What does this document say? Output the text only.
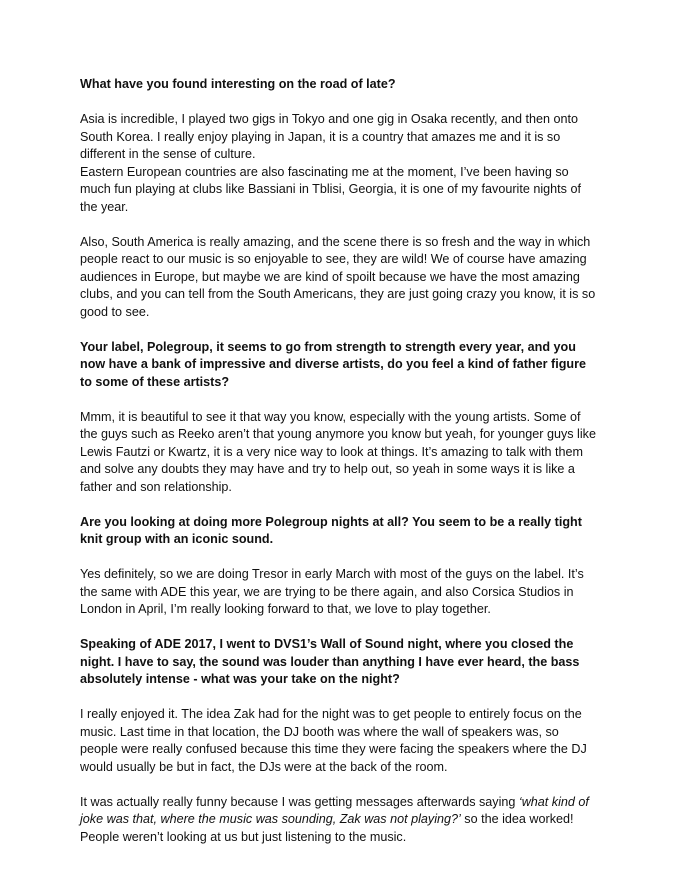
What have you found interesting on the road of late?

Asia is incredible, I played two gigs in Tokyo and one gig in Osaka recently, and then onto South Korea. I really enjoy playing in Japan, it is a country that amazes me and it is so different in the sense of culture.

Eastern European countries are also fascinating me at the moment, I’ve been having so much fun playing at clubs like Bassiani in Tblisi, Georgia, it is one of my favourite nights of the year.

Also, South America is really amazing, and the scene there is so fresh and the way in which people react to our music is so enjoyable to see, they are wild! We of course have amazing audiences in Europe, but maybe we are kind of spoilt because we have the most amazing clubs, and you can tell from the South Americans, they are just going crazy you know, it is so good to see.

Your label, Polegroup, it seems to go from strength to strength every year, and you now have a bank of impressive and diverse artists, do you feel a kind of father figure to some of these artists?

Mmm, it is beautiful to see it that way you know, especially with the young artists. Some of the guys such as Reeko aren’t that young anymore you know but yeah, for younger guys like Lewis Fautzi or Kwartz, it is a very nice way to look at things. It’s amazing to talk with them and solve any doubts they may have and try to help out, so yeah in some ways it is like a father and son relationship.

Are you looking at doing more Polegroup nights at all? You seem to be a really tight knit group with an iconic sound.

Yes definitely, so we are doing Tresor in early March with most of the guys on the label. It’s the same with ADE this year, we are trying to be there again, and also Corsica Studios in London in April, I’m really looking forward to that, we love to play together.

Speaking of ADE 2017, I went to DVS1’s Wall of Sound night, where you closed the night. I have to say, the sound was louder than anything I have ever heard, the bass absolutely intense - what was your take on the night?

I really enjoyed it. The idea Zak had for the night was to get people to entirely focus on the music. Last time in that location, the DJ booth was where the wall of speakers was, so people were really confused because this time they were facing the speakers where the DJ would usually be but in fact, the DJs were at the back of the room.

It was actually really funny because I was getting messages afterwards saying ‘what kind of joke was that, where the music was sounding, Zak was not playing?’ so the idea worked! People weren’t looking at us but just listening to the music.
